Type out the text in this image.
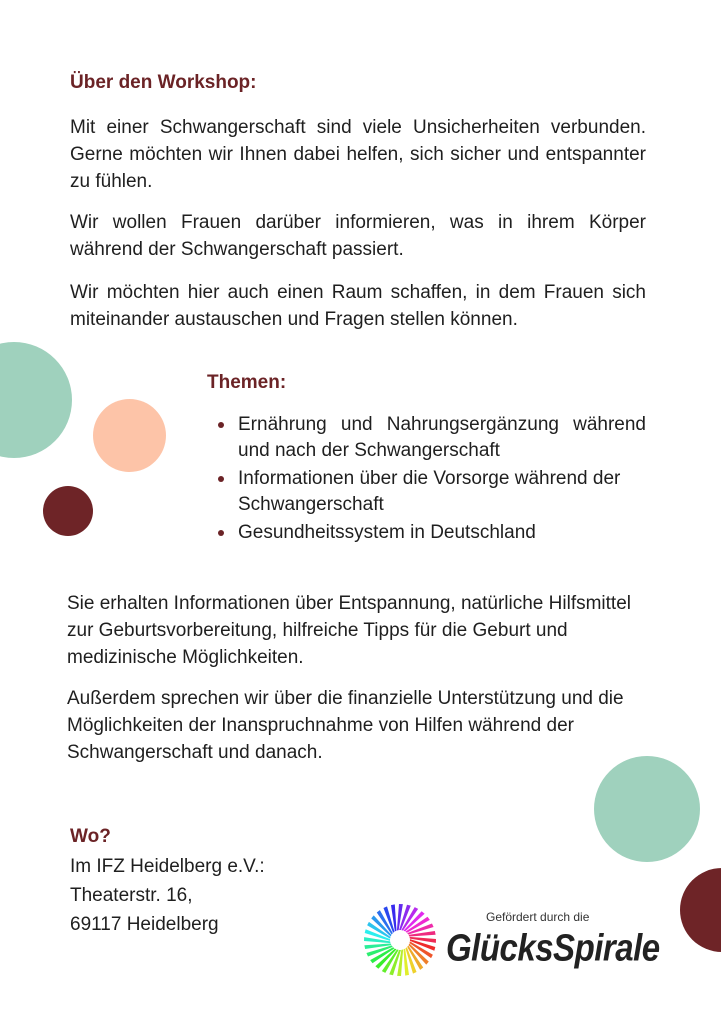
Über den Workshop:

Mit einer Schwangerschaft sind viele Unsicherheiten verbunden. Gerne möchten wir Ihnen dabei helfen, sich sicher und entspannter zu fühlen.

Wir wollen Frauen darüber informieren, was in ihrem Körper während der Schwangerschaft passiert.

Wir möchten hier auch einen Raum schaffen, in dem Frauen sich miteinander austauschen und Fragen stellen können.

Themen:
Ernährung und Nahrungsergänzung während und nach der Schwangerschaft
Informationen über die Vorsorge während der Schwangerschaft
Gesundheitssystem in Deutschland

Sie erhalten Informationen über Entspannung, natürliche Hilfsmittel zur Geburtsvorbereitung, hilfreiche Tipps für die Geburt und medizinische Möglichkeiten.

Außerdem sprechen wir über die finanzielle Unterstützung und die Möglichkeiten der Inanspruchnahme von Hilfen während der Schwangerschaft und danach.

Wo?
Im IFZ Heidelberg e.V.:
Theaterstr. 16,
69117 Heidelberg	Gefördert durch die
GlücksSpirale
